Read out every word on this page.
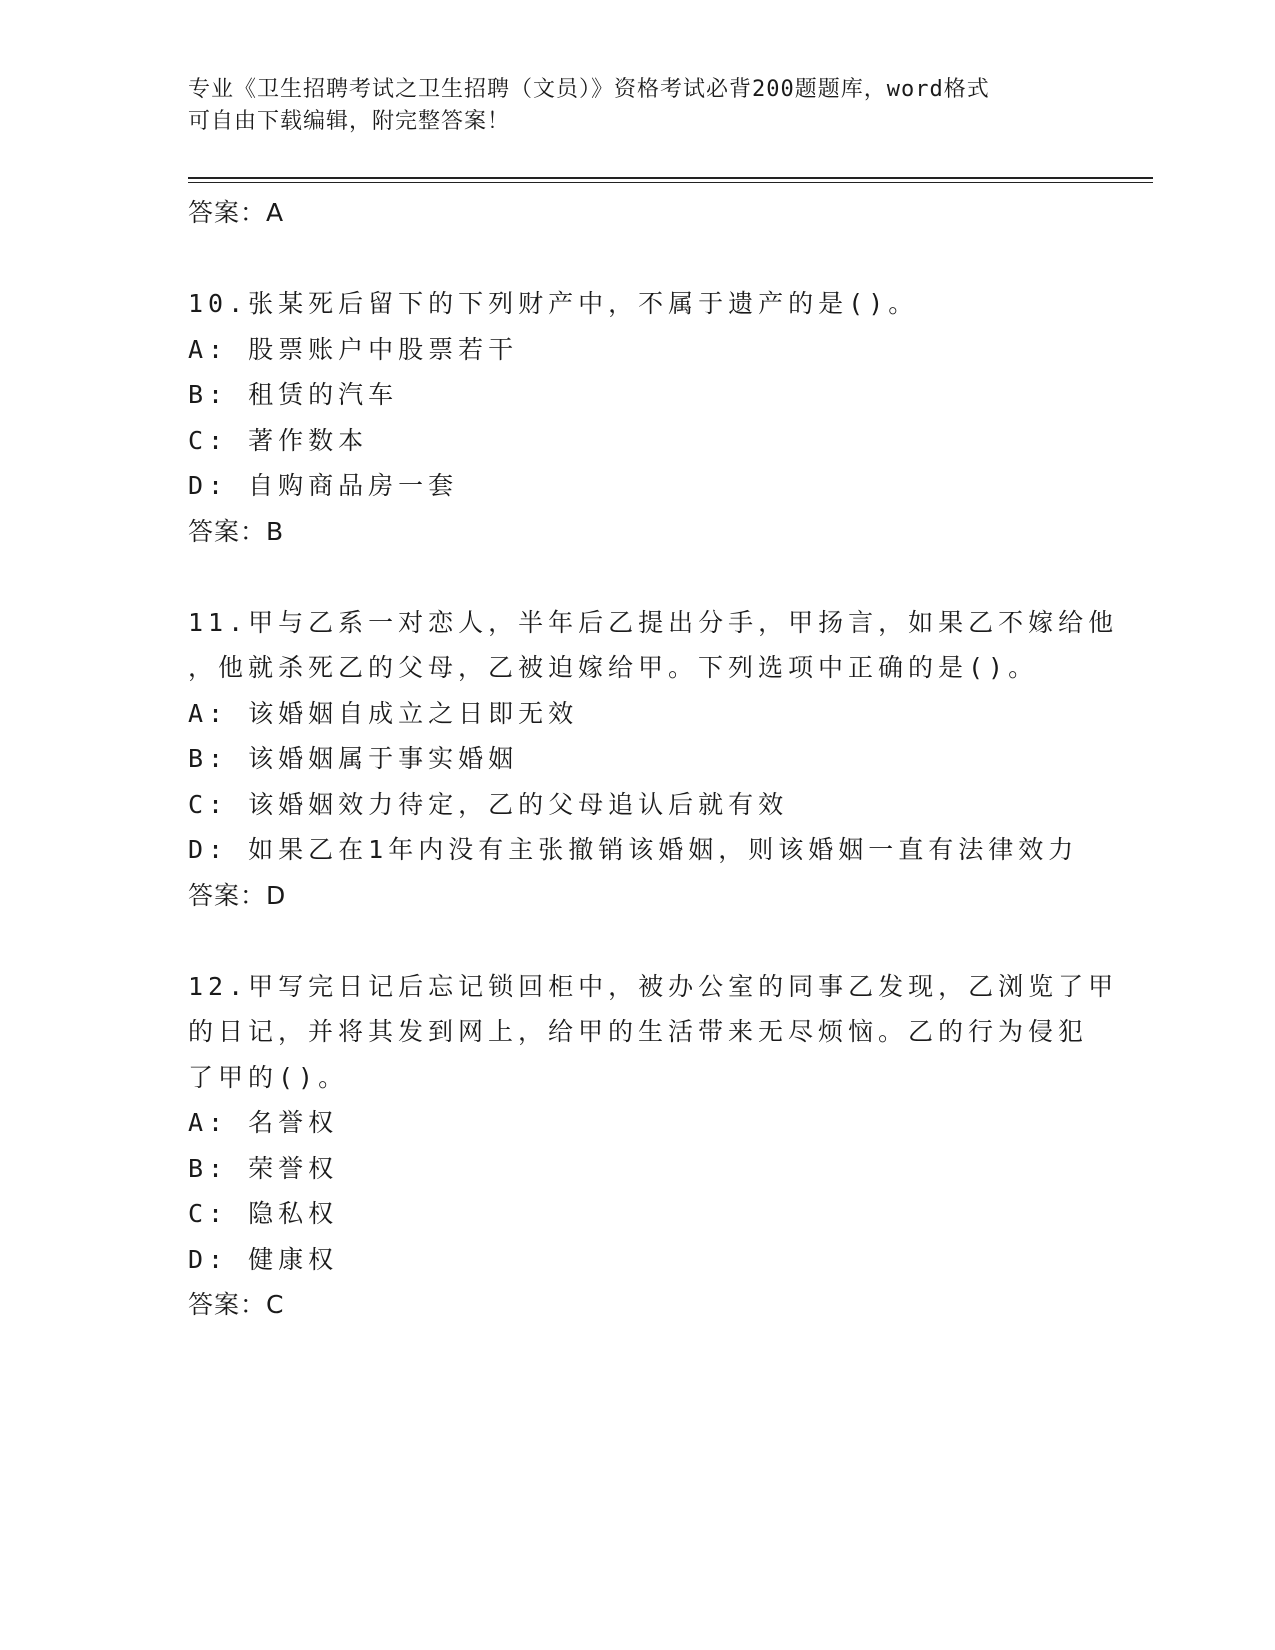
专业《卫生招聘考试之卫生招聘（文员）》资格考试必背200题题库，word格式
可自由下载编辑，附完整答案！
答案：A
10.张某死后留下的下列财产中，不属于遗产的是()。
A: 股票账户中股票若干
B: 租赁的汽车
C: 著作数本
D: 自购商品房一套
答案：B
11.甲与乙系一对恋人，半年后乙提出分手，甲扬言，如果乙不嫁给他
，他就杀死乙的父母，乙被迫嫁给甲。下列选项中正确的是()。
A: 该婚姻自成立之日即无效
B: 该婚姻属于事实婚姻
C: 该婚姻效力待定，乙的父母追认后就有效
D: 如果乙在1年内没有主张撤销该婚姻，则该婚姻一直有法律效力
答案：D
12.甲写完日记后忘记锁回柜中，被办公室的同事乙发现，乙浏览了甲
的日记，并将其发到网上，给甲的生活带来无尽烦恼。乙的行为侵犯
了甲的()。
A: 名誉权
B: 荣誉权
C: 隐私权
D: 健康权
答案：C
